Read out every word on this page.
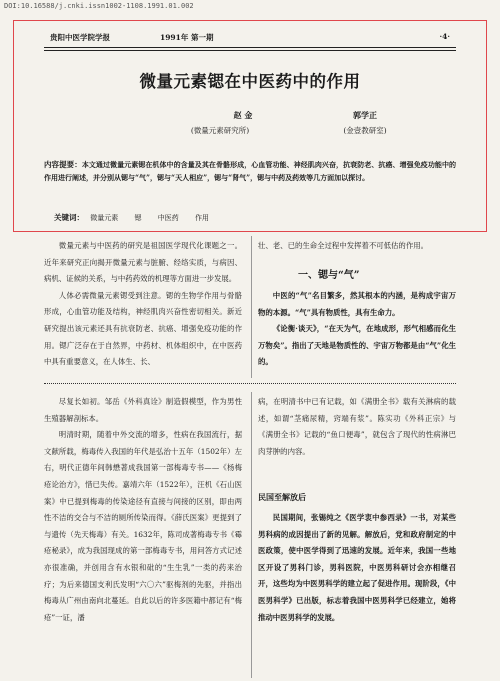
DOI:10.16588/j.cnki.issn1002-1108.1991.01.002
贵阳中医学院学报	1991年 第一期	·4·
微量元素锶在中医药中的作用
赵 金
(微量元素研究所)
郭学正
(金壹教研室)
内容提要：本文通过微量元素锶在机体中的含量及其在骨骼形成，心血管功能、神经肌肉兴奋，抗衰防老、抗癌、增强免疫功能中的作用进行阐述，并分别从锶与“气”，锶与“天人相应”，锶与“肾气”，锶与中药及药效等几方面加以探讨。
关键词： 微量元素 锶 中医药 作用

微量元素与中医药的研究是祖国医学现代化课题之一。近年来研究正向揭开微量元素与脏腑、经络实质，与病因、病机、证候的关系，与中药药效的机理等方面进一步发展。

人体必需微量元素锶受到注意。锶的生物学作用与骨骼形成，心血管功能及结构，神经肌肉兴奋性密切相关。新近研究提出该元素还具有抗衰防老、抗癌、增强免疫功能的作用。锶广泛存在于自然界，中药材、机体组织中，在中医药中具有重要意义，在人体生、长、

壮、老、已的生命全过程中发挥着不可低估的作用。
一、锶与“气”

中医的“气”名目繁多，然其根本的内涵，是构成宇宙万物的本源。“气”具有物质性，具有生命力。

《论衡·谈天》，“在天为气，在地成形，形气相感而化生万物矣”。指出了天地是物质性的、宇宙万物都是由“气”化生的。

尽复长如初。邹岳《外科真诠》制造假模型，作为男性生殖器解剖标本。

明清时期，随着中外交流的增多，性病在我国流行，据文献所载，梅毒传入我国的年代是弘治十五年（1502年）左右，明代正德年间韩懋著成我国第一部梅毒专书——《杨梅疮论治方》，惜已失传。嘉靖六年（1522年），汪机《石山医案》中已提到梅毒的传染途径有直接与间接的区别，即由两性不洁的交合与不洁的厕所传染而得。《薛氏医案》更提到了与遗传（先天梅毒）有关。1632年，陈司成著梅毒专书《霉疮秘录》，成为我国现成的第一部梅毒专书，用问答方式记述亦很准确，并创用含有水银和砒的“生生乳”一类的药来治疗；为后来德国支利氏发明“六〇六”驱梅剂的先驱，并指出梅毒从广州由南向北蔓延。自此以后的许多医籍中都记有“梅疮”一证，潘

病，在明清书中已有记载，如《满册全书》载有关淋病的载述，如谓“茎痛尿精，窍端有浆”。陈实功《外科正宗》与《满册全书》记载的“鱼口便毒”，就包含了现代的性病淋巴肉芽肿的内容。
民国至解放后

民国期间，张锡纯之《医学衷中参西录》一书，对某些男科病的成因提出了新的见解。解放后，党和政府制定的中医政策，使中医学得到了迅速的发展。近年来，我国一些地区开设了男科门诊，男科医院，中医男科研讨会亦相继召开，这些均为中医男科学的建立起了促进作用。现阶段，《中医男科学》已出版，标志着我国中医男科学已经建立，她将推动中医男科学的发展。
